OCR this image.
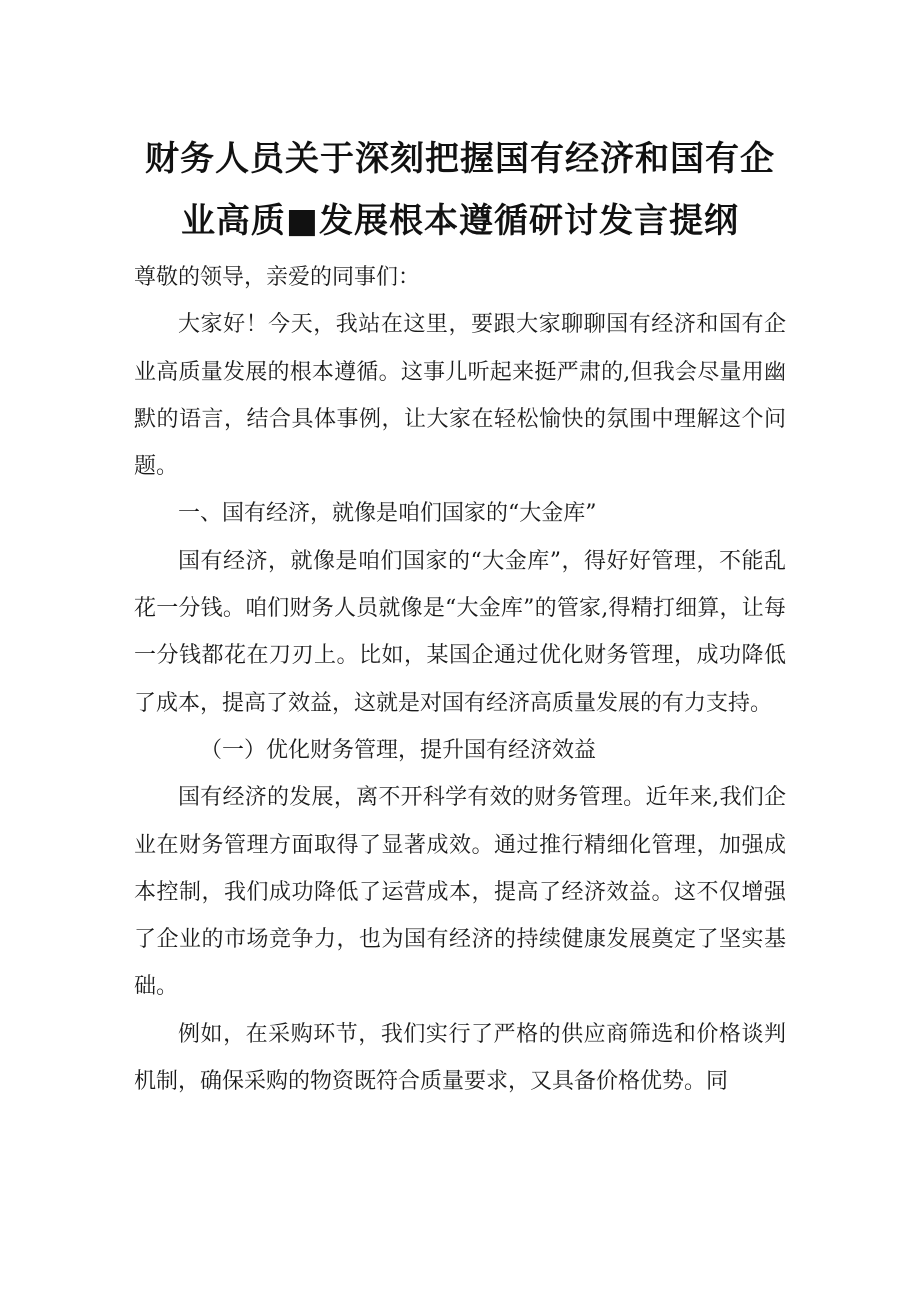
财务人员关于深刻把握国有经济和国有企
业高质■发展根本遵循研讨发言提纲

尊敬的领导，亲爱的同事们：

大家好！今天，我站在这里，要跟大家聊聊国有经济和国有企业高质量发展的根本遵循。这事儿听起来挺严肃的,但我会尽量用幽默的语言，结合具体事例，让大家在轻松愉快的氛围中理解这个问题。

一、国有经济，就像是咱们国家的“大金库”

国有经济，就像是咱们国家的“大金库”，得好好管理，不能乱花一分钱。咱们财务人员就像是“大金库”的管家,得精打细算，让每一分钱都花在刀刃上。比如，某国企通过优化财务管理，成功降低了成本，提高了效益，这就是对国有经济高质量发展的有力支持。

（一）优化财务管理，提升国有经济效益

国有经济的发展，离不开科学有效的财务管理。近年来,我们企业在财务管理方面取得了显著成效。通过推行精细化管理，加强成本控制，我们成功降低了运营成本，提高了经济效益。这不仅增强了企业的市场竞争力，也为国有经济的持续健康发展奠定了坚实基础。

例如，在采购环节，我们实行了严格的供应商筛选和价格谈判机制，确保采购的物资既符合质量要求，又具备价格优势。同
